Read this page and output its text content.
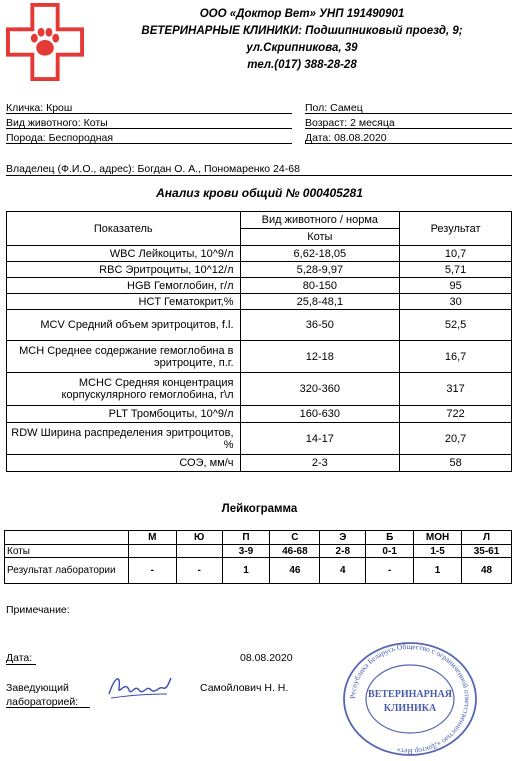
ООО «Доктор Вет» УНП 191490901
ВЕТЕРИНАРНЫЕ КЛИНИКИ: Подшипниковый проезд, 9;
ул.Скрипникова, 39
тел.(017) 388-28-28
Кличка: Крош
Вид животного: Коты
Порода: Беспородная
Пол: Самец
Возраст: 2 месяца
Дата: 08.08.2020
Владелец (Ф.И.О., адрес): Богдан О. А., Пономаренко 24-68
Анализ крови общий № 000405281
Показатель	Вид животного / норма	Результат
	Коты	
WBC Лейкоциты, 10^9/л	6,62-18,05	10,7
RBC Эритроциты, 10^12/л	5,28-9,97	5,71
HGB Гемоглобин, г/л	80-150	95
HCT Гематокрит,%	25,8-48,1	30
MCV Средний объем эритроцитов, f.l.	36-50	52,5
MCH Среднее содержание гемоглобина в эритроците, п.г.	12-18	16,7
MCHC Средняя концентрация корпускулярного гемоглобина, г\л	320-360	317
PLT Тромбоциты, 10^9/л	160-630	722
RDW Ширина распределения эритроцитов, %	14-17	20,7
СОЭ, мм/ч	2-3	58
Лейкограмма
	М	Ю	П	С	Э	Б	МОН	Л
Коты			3-9	46-68	2-8	0-1	1-5	35-61
Результат лаборатории	-	-	1	46	4	-	1	48
Примечание:
Дата:	08.08.2020
Заведующий лабораторией:
Самойлович Н. Н.
Республика Беларусь Общество с ограниченной ответственностью «Доктор Вет»
ВЕТЕРИНАРНАЯ
КЛИНИКА
